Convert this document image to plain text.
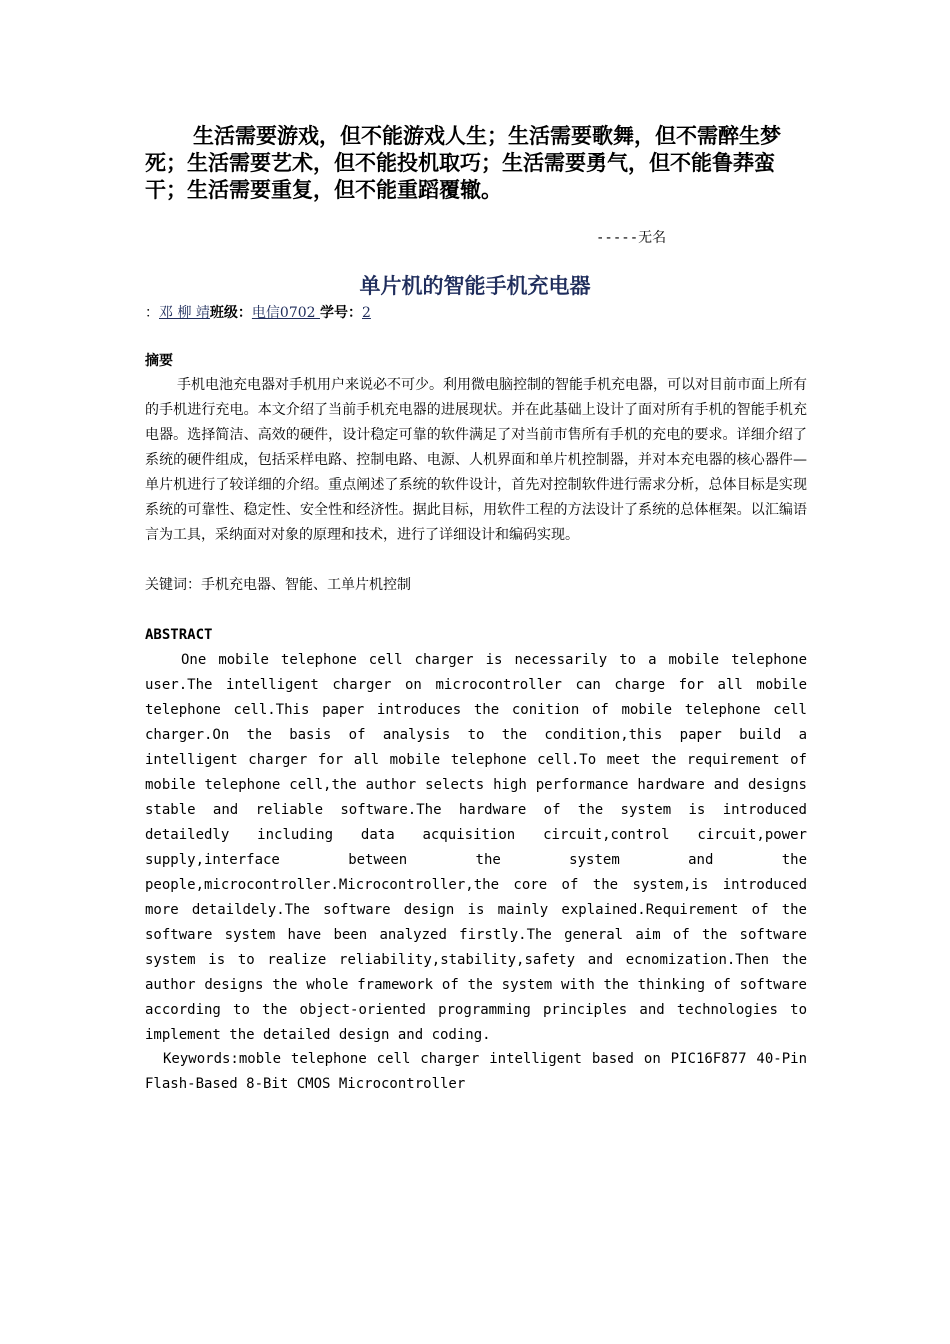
生活需要游戏，但不能游戏人生；生活需要歌舞，但不需醉生梦死；生活需要艺术，但不能投机取巧；生活需要勇气，但不能鲁莽蛮干；生活需要重复，但不能重蹈覆辙。

-----无名

单片机的智能手机充电器
：邓 柳 靖班级：电信0702 学号：2
摘要

手机电池充电器对手机用户来说必不可少。利用微电脑控制的智能手机充电器，可以对目前市面上所有的手机进行充电。本文介绍了当前手机充电器的进展现状。并在此基础上设计了面对所有手机的智能手机充电器。选择简洁、高效的硬件，设计稳定可靠的软件满足了对当前市售所有手机的充电的要求。详细介绍了系统的硬件组成，包括采样电路、控制电路、电源、人机界面和单片机控制器，并对本充电器的核心器件—单片机进行了较详细的介绍。重点阐述了系统的软件设计，首先对控制软件进行需求分析，总体目标是实现系统的可靠性、稳定性、安全性和经济性。据此目标，用软件工程的方法设计了系统的总体框架。以汇编语言为工具，采纳面对对象的原理和技术，进行了详细设计和编码实现。

关键词：手机充电器、智能、工单片机控制

ABSTRACT

One mobile telephone cell charger is necessarily to a mobile telephone user.The intelligent charger on microcontroller can charge for all mobile telephone cell.This paper introduces the conition of mobile telephone cell charger.On the basis of analysis to the condition,this paper build a intelligent charger for all mobile telephone cell.To meet the requirement of mobile telephone cell,the author selects high performance hardware and designs stable and reliable software.The hardware of the system is introduced detailedly including data acquisition circuit,control circuit,power supply,interface between the system and the people,microcontroller.Microcontroller,the core of the system,is introduced more detaildely.The software design is mainly explained.Requirement of the software system have been analyzed firstly.The general aim of the software system is to realize reliability,stability,safety and ecnomization.Then the author designs the whole framework of the system with the thinking of software according to the object-oriented programming principles and technologies to implement the detailed design and coding.

Keywords:moble telephone cell charger intelligent based on PIC16F877 40-Pin Flash-Based 8-Bit CMOS Microcontroller
